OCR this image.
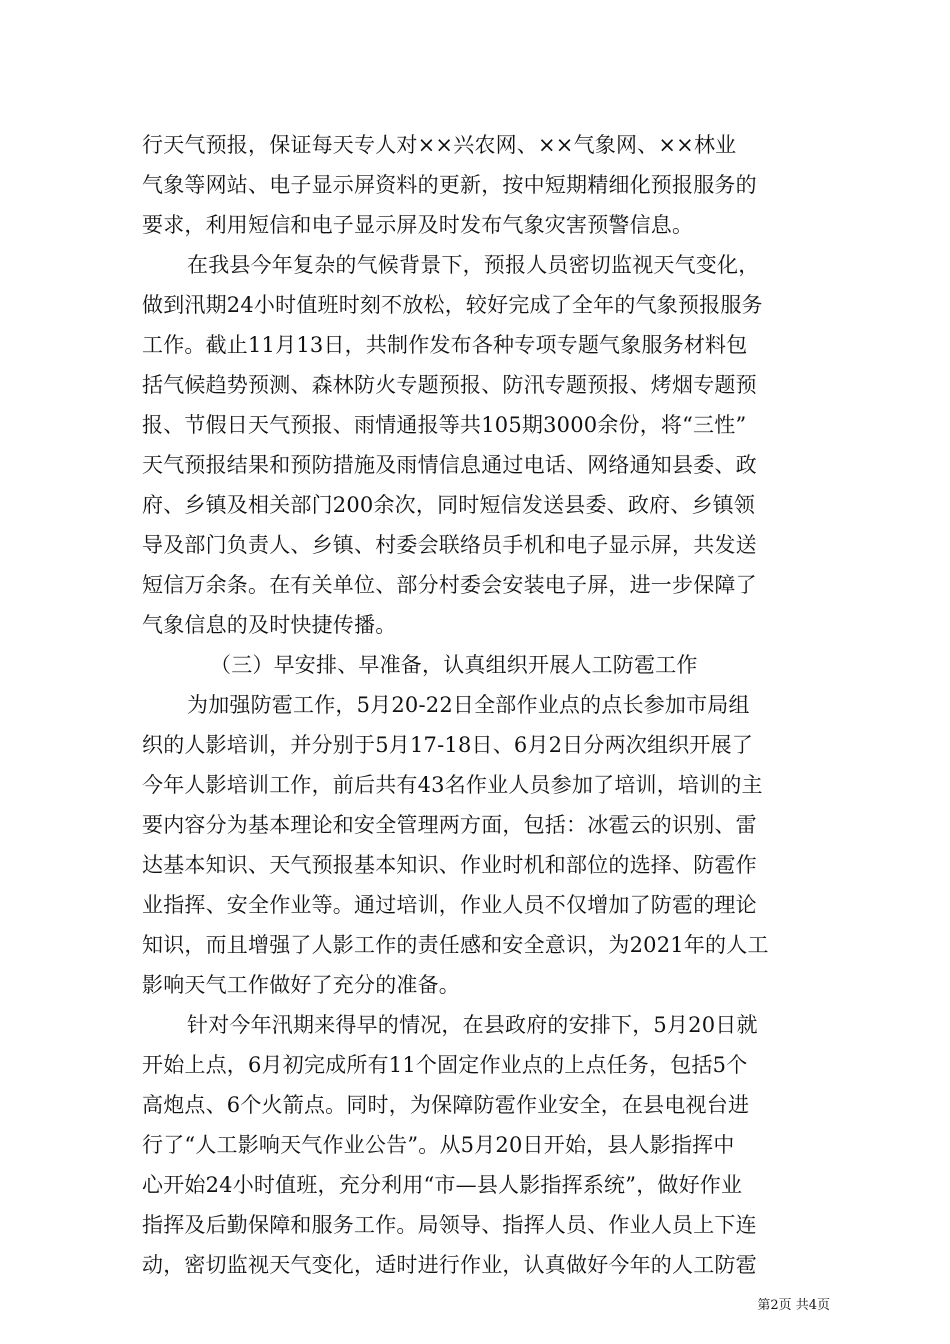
行天气预报，保证每天专人对××兴农网、××气象网、××林业
气象等网站、电子显示屏资料的更新，按中短期精细化预报服务的
要求，利用短信和电子显示屏及时发布气象灾害预警信息。
在我县今年复杂的气候背景下，预报人员密切监视天气变化，
做到汛期24小时值班时刻不放松，较好完成了全年的气象预报服务
工作。截止11月13日，共制作发布各种专项专题气象服务材料包
括气候趋势预测、森林防火专题预报、防汛专题预报、烤烟专题预
报、节假日天气预报、雨情通报等共105期3000余份，将“三性”
天气预报结果和预防措施及雨情信息通过电话、网络通知县委、政
府、乡镇及相关部门200余次，同时短信发送县委、政府、乡镇领
导及部门负责人、乡镇、村委会联络员手机和电子显示屏，共发送
短信万余条。在有关单位、部分村委会安装电子屏，进一步保障了
气象信息的及时快捷传播。
（三）早安排、早准备，认真组织开展人工防雹工作
为加强防雹工作，5月20-22日全部作业点的点长参加市局组
织的人影培训，并分别于5月17-18日、6月2日分两次组织开展了
今年人影培训工作，前后共有43名作业人员参加了培训，培训的主
要内容分为基本理论和安全管理两方面，包括：冰雹云的识别、雷
达基本知识、天气预报基本知识、作业时机和部位的选择、防雹作
业指挥、安全作业等。通过培训，作业人员不仅增加了防雹的理论
知识，而且增强了人影工作的责任感和安全意识，为2021年的人工
影响天气工作做好了充分的准备。
针对今年汛期来得早的情况，在县政府的安排下，5月20日就
开始上点，6月初完成所有11个固定作业点的上点任务，包括5个
高炮点、6个火箭点。同时，为保障防雹作业安全，在县电视台进
行了“人工影响天气作业公告”。从5月20日开始，县人影指挥中
心开始24小时值班，充分利用“市—县人影指挥系统”，做好作业
指挥及后勤保障和服务工作。局领导、指挥人员、作业人员上下连
动，密切监视天气变化，适时进行作业，认真做好今年的人工防雹
第2页 共4页
